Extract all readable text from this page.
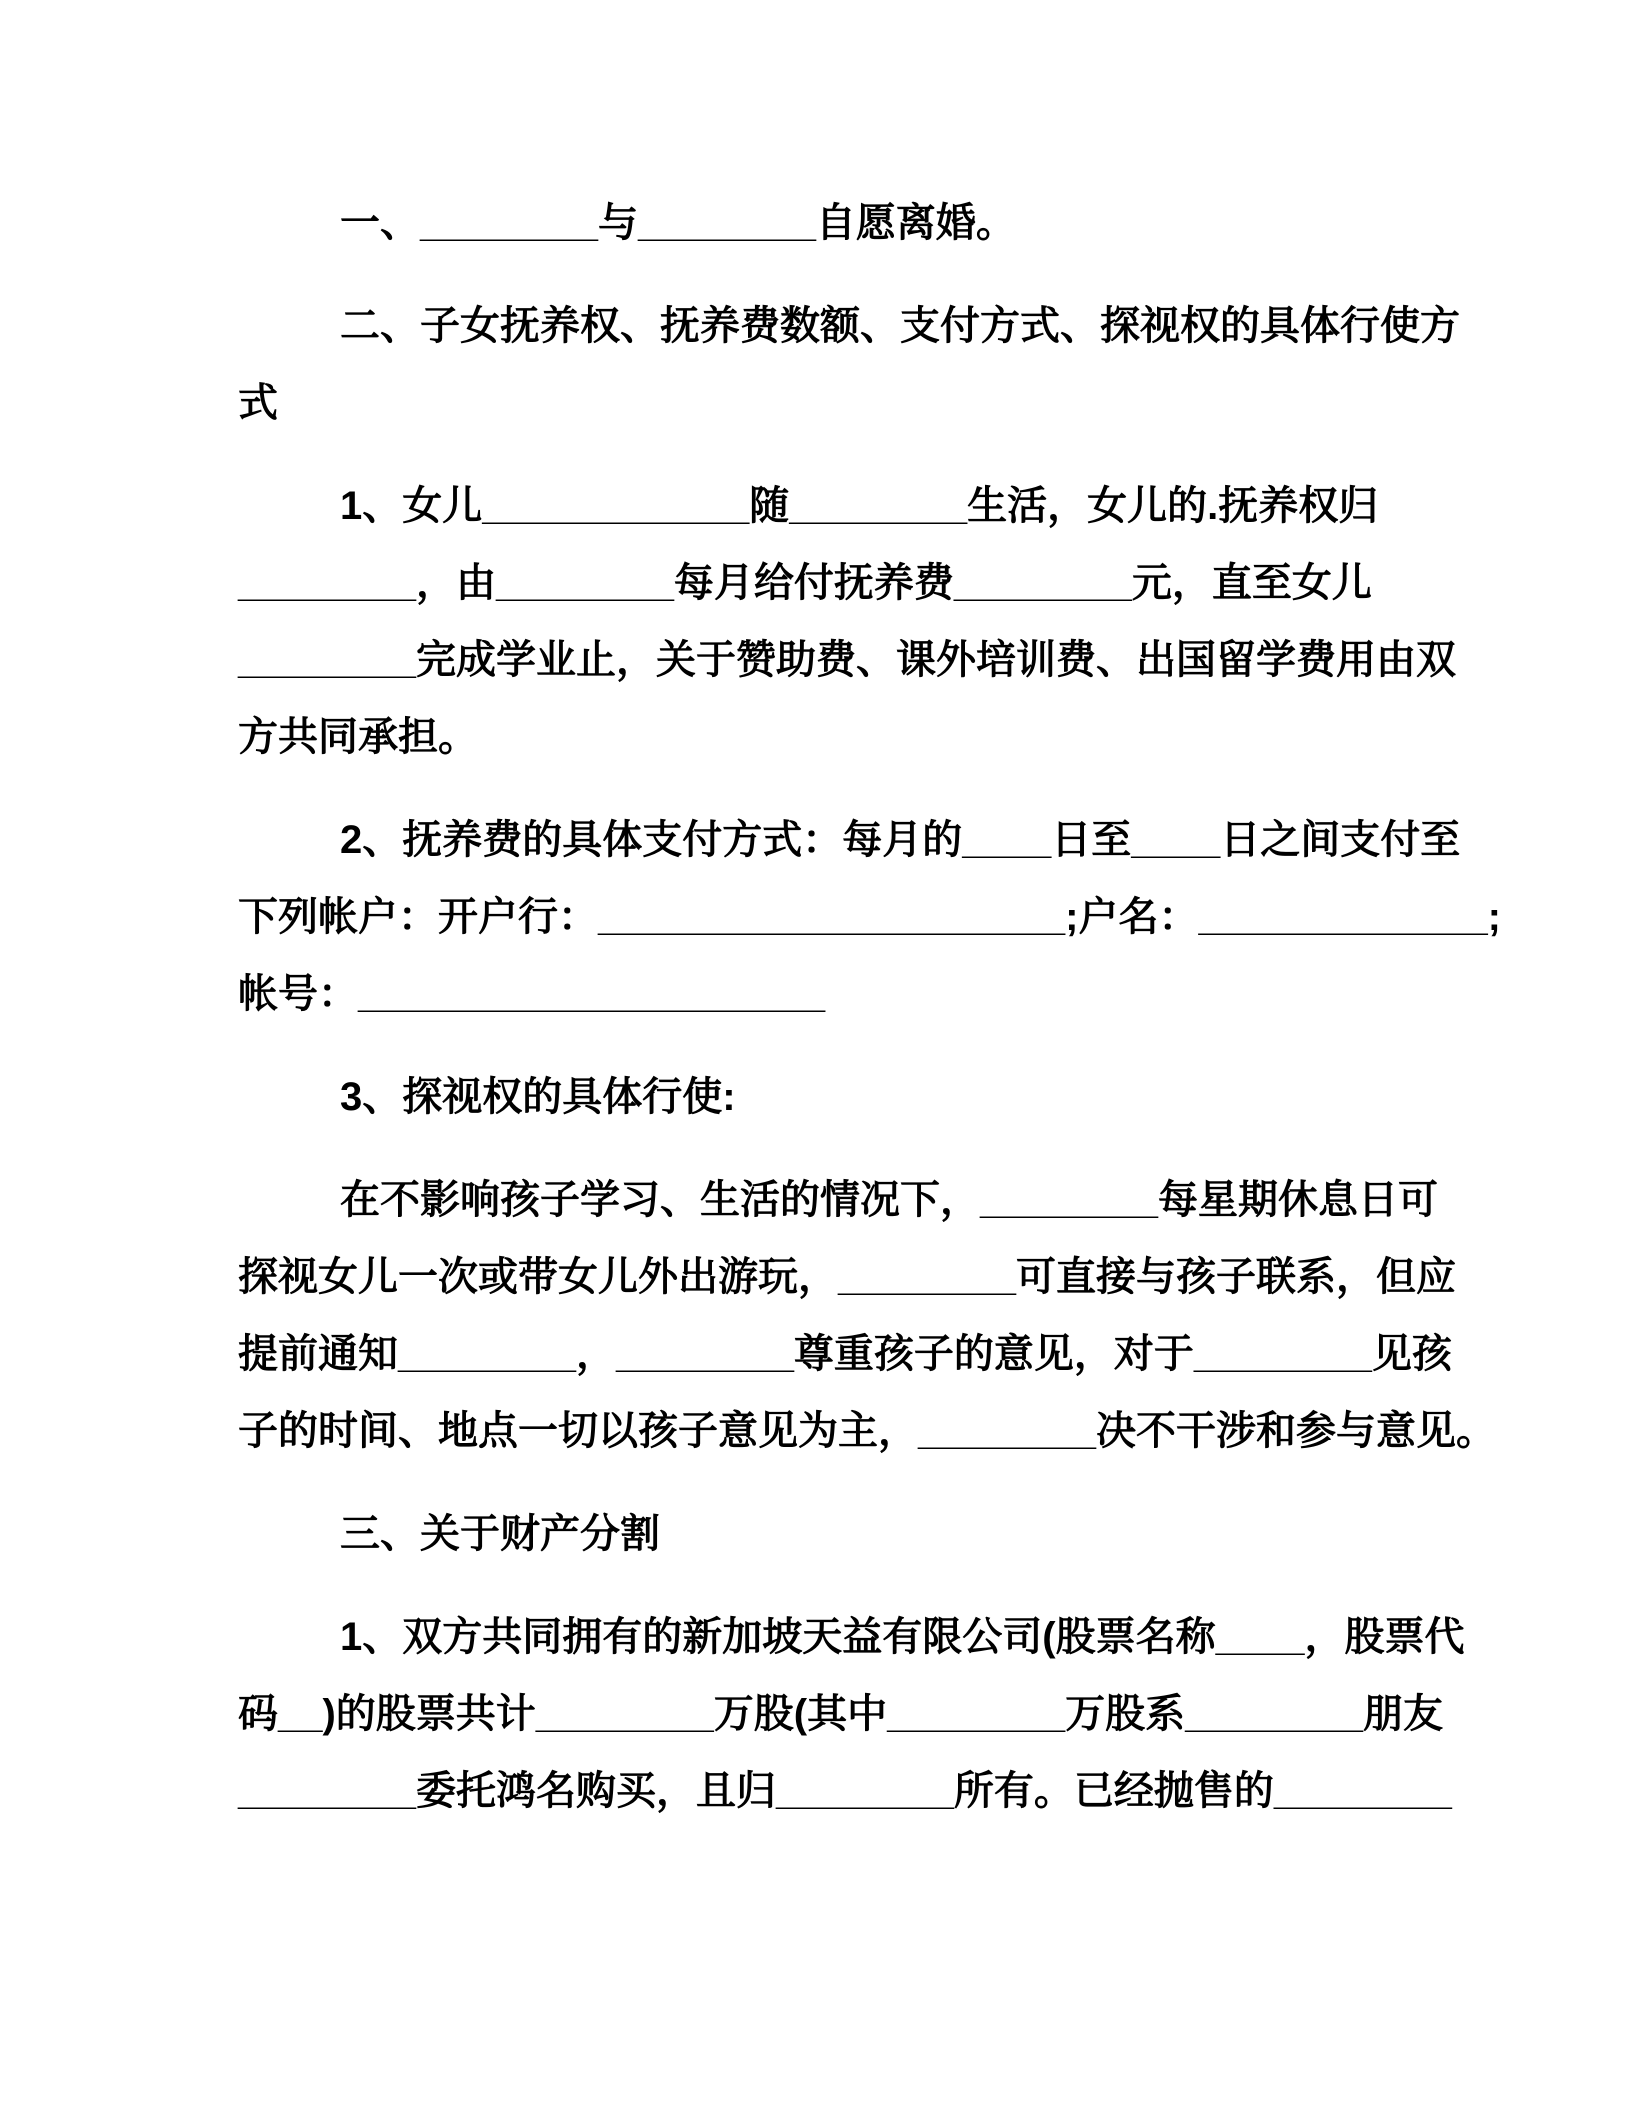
一、________与________自愿离婚。
二、子女抚养权、抚养费数额、支付方式、探视权的具体行使方
式
1、女儿____________随________生活，女儿的.抚养权归
________，由________每月给付抚养费________元，直至女儿
________完成学业止，关于赞助费、课外培训费、出国留学费用由双
方共同承担。
2、抚养费的具体支付方式：每月的____日至____日之间支付至
下列帐户：开户行：_____________________;户名：_____________;
帐号：_____________________
3、探视权的具体行使:
在不影响孩子学习、生活的情况下，________每星期休息日可
探视女儿一次或带女儿外出游玩，________可直接与孩子联系，但应
提前通知________，________尊重孩子的意见，对于________见孩
子的时间、地点一切以孩子意见为主，________决不干涉和参与意见。
三、关于财产分割
1、双方共同拥有的新加坡天益有限公司(股票名称____，股票代
码__)的股票共计________万股(其中________万股系________朋友
________委托鸿名购买，且归________所有。已经抛售的________
